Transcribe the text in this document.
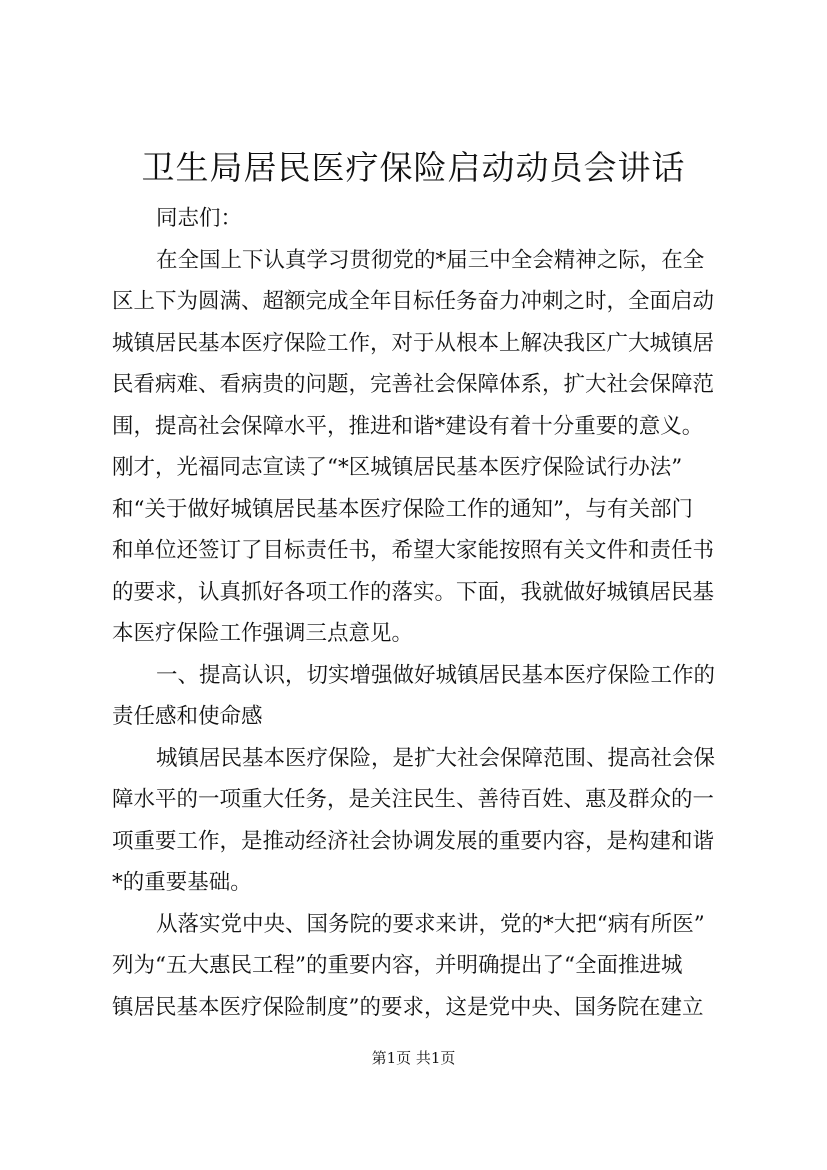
卫生局居民医疗保险启动动员会讲话
同志们：
在全国上下认真学习贯彻党的*届三中全会精神之际，在全
区上下为圆满、超额完成全年目标任务奋力冲刺之时，全面启动
城镇居民基本医疗保险工作，对于从根本上解决我区广大城镇居
民看病难、看病贵的问题，完善社会保障体系，扩大社会保障范
围，提高社会保障水平，推进和谐*建设有着十分重要的意义。
刚才，光福同志宣读了“*区城镇居民基本医疗保险试行办法”
和“关于做好城镇居民基本医疗保险工作的通知”，与有关部门
和单位还签订了目标责任书，希望大家能按照有关文件和责任书
的要求，认真抓好各项工作的落实。下面，我就做好城镇居民基
本医疗保险工作强调三点意见。
一、提高认识，切实增强做好城镇居民基本医疗保险工作的
责任感和使命感
城镇居民基本医疗保险，是扩大社会保障范围、提高社会保
障水平的一项重大任务，是关注民生、善待百姓、惠及群众的一
项重要工作，是推动经济社会协调发展的重要内容，是构建和谐
*的重要基础。
从落实党中央、国务院的要求来讲，党的*大把“病有所医”
列为“五大惠民工程”的重要内容，并明确提出了“全面推进城
镇居民基本医疗保险制度”的要求，这是党中央、国务院在建立
第1页 共1页
